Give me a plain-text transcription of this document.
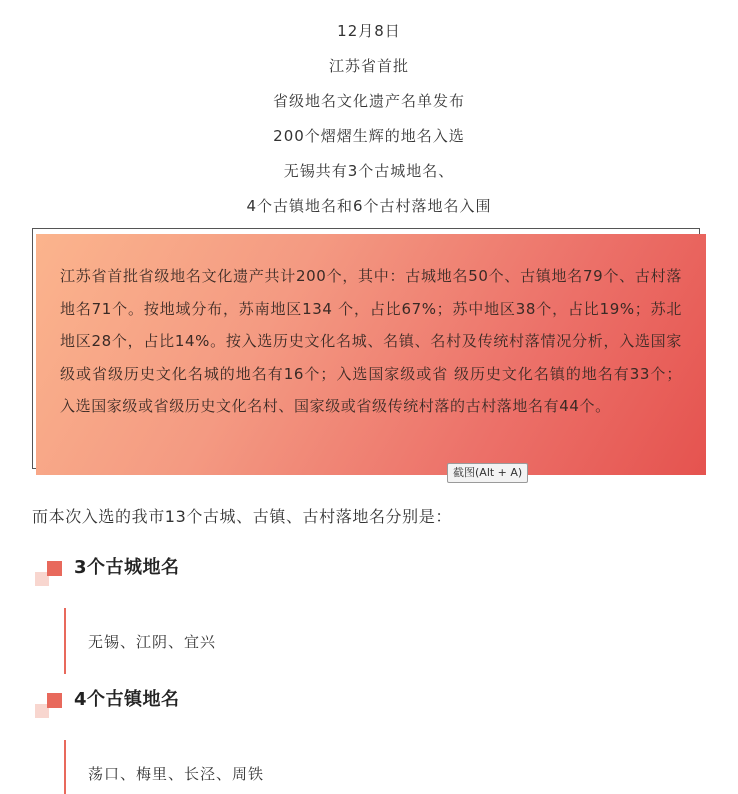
12月8日
江苏省首批
省级地名文化遗产名单发布
200个熠熠生辉的地名入选
无锡共有3个古城地名、
4个古镇地名和6个古村落地名入围

江苏省首批省级地名文化遗产共计200个，其中：古城地名50个、古镇地名79个、古村落地名71个。按地域分布，苏南地区134 个，占比67%；苏中地区38个，占比19%；苏北地区28个，占比14%。按入选历史文化名城、名镇、名村及传统村落情况分析，入选国家级或省级历史文化名城的地名有16个；入选国家级或省 级历史文化名镇的地名有33个；入选国家级或省级历史文化名村、国家级或省级传统村落的古村落地名有44个。

截图(Alt + A)
而本次入选的我市13个古城、古镇、古村落地名分别是：
3个古城地名
无锡、江阴、宜兴
4个古镇地名
荡口、梅里、长泾、周铁
